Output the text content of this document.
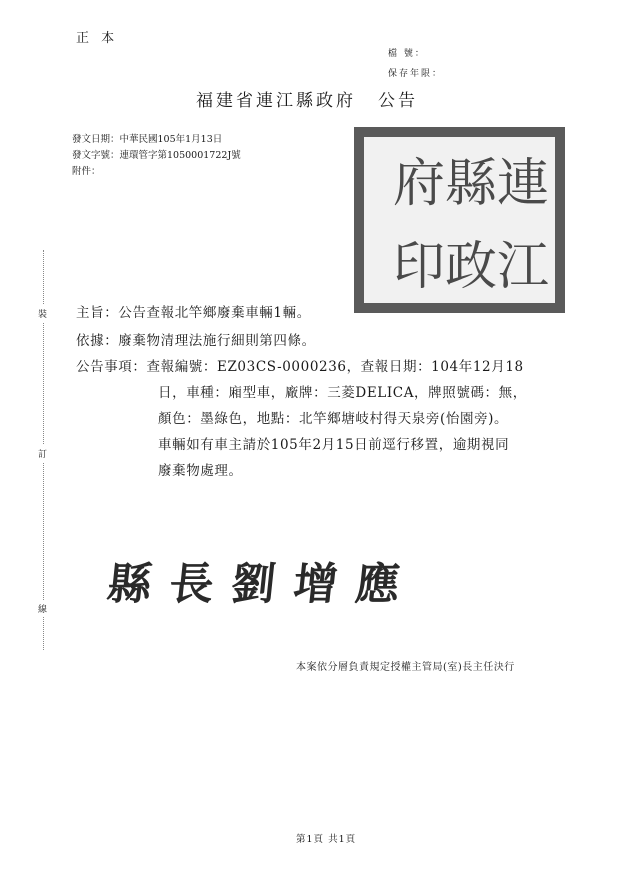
正 本
檔 號：
保存年限：
福建省連江縣政府 公告
發文日期：中華民國105年1月13日
發文字號：連環管字第1050001722J號
附件：
裝
訂
線
連
江
縣
政
府
印
主旨：公告查報北竿鄉廢棄車輛1輛。
依據：廢棄物清理法施行細則第四條。
公告事項：查報編號：EZ03CS-0000236，查報日期：104年12月18
日，車種：廂型車，廠牌：三菱DELICA，牌照號碼：無，
顏色：墨綠色，地點：北竿鄉塘岐村得天泉旁(怡園旁)。
車輛如有車主請於105年2月15日前逕行移置，逾期視同
廢棄物處理。
縣長劉增應
本案依分層負責規定授權主管局(室)長主任決行
第1頁 共1頁
